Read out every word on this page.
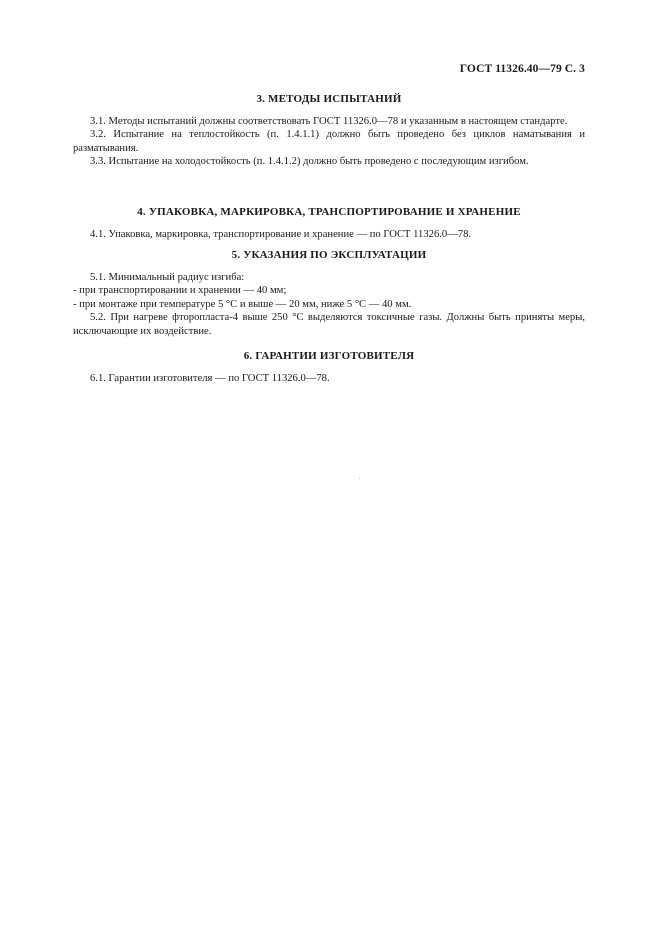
ГОСТ 11326.40—79 С. 3
3. МЕТОДЫ ИСПЫТАНИЙ

3.1. Методы испытаний должны соответствовать ГОСТ 11326.0—78 и указанным в настоящем стандарте.

3.2. Испытание на теплостойкость (п. 1.4.1.1) должно быть проведено без циклов наматывания и разматывания.

3.3. Испытание на холодостойкость (п. 1.4.1.2) должно быть проведено с последующим изгибом.

4. УПАКОВКА, МАРКИРОВКА, ТРАНСПОРТИРОВАНИЕ И ХРАНЕНИЕ

4.1. Упаковка, маркировка, транспортирование и хранение — по ГОСТ 11326.0—78.

5. УКАЗАНИЯ ПО ЭКСПЛУАТАЦИИ

5.1. Минимальный радиус изгиба:

- при транспортировании и хранении — 40 мм;

- при монтаже при температуре 5 °С и выше — 20 мм, ниже 5 °С — 40 мм.

5.2. При нагреве фторопласта-4 выше 250 °С выделяются токсичные газы. Должны быть приняты меры, исключающие их воздействие.

6. ГАРАНТИИ ИЗГОТОВИТЕЛЯ

6.1. Гарантии изготовителя — по ГОСТ 11326.0—78.
